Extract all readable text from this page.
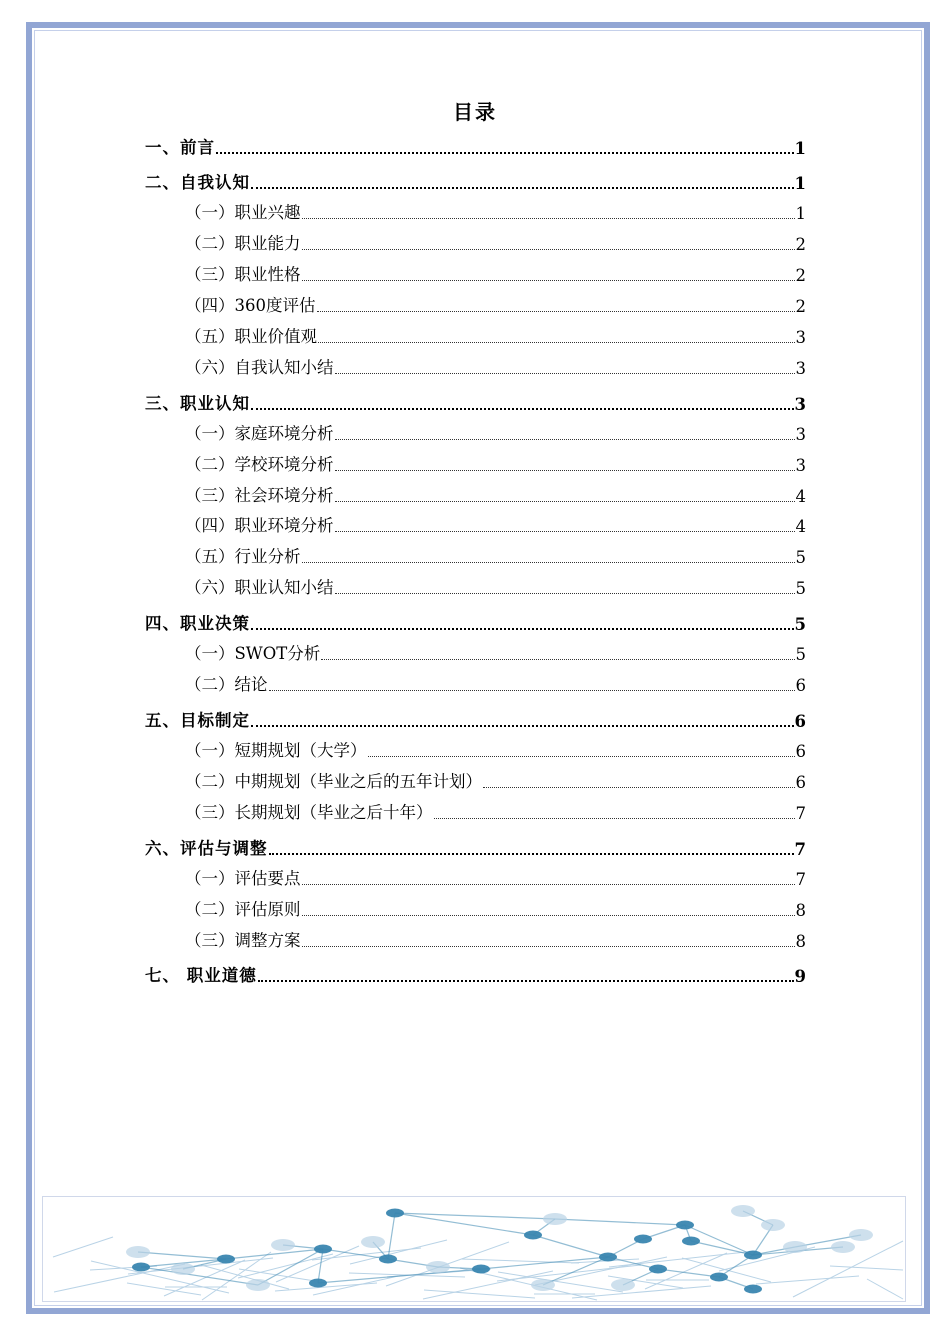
目录
一、前言	1
二、自我认知	1
（一）职业兴趣	1
（二）职业能力	2
（三）职业性格	2
（四）360度评估	2
（五）职业价值观	3
（六）自我认知小结	3
三、职业认知	3
（一）家庭环境分析	3
（二）学校环境分析	3
（三）社会环境分析	4
（四）职业环境分析	4
（五）行业分析	5
（六）职业认知小结	5
四、职业决策	5
（一）SWOT分析	5
（二）结论	6
五、目标制定	6
（一）短期规划（大学）	6
（二）中期规划（毕业之后的五年计划）	6
（三）长期规划（毕业之后十年）	7
六、评估与调整	7
（一）评估要点	7
（二）评估原则	8
（三）调整方案	8
七、 职业道德	9
